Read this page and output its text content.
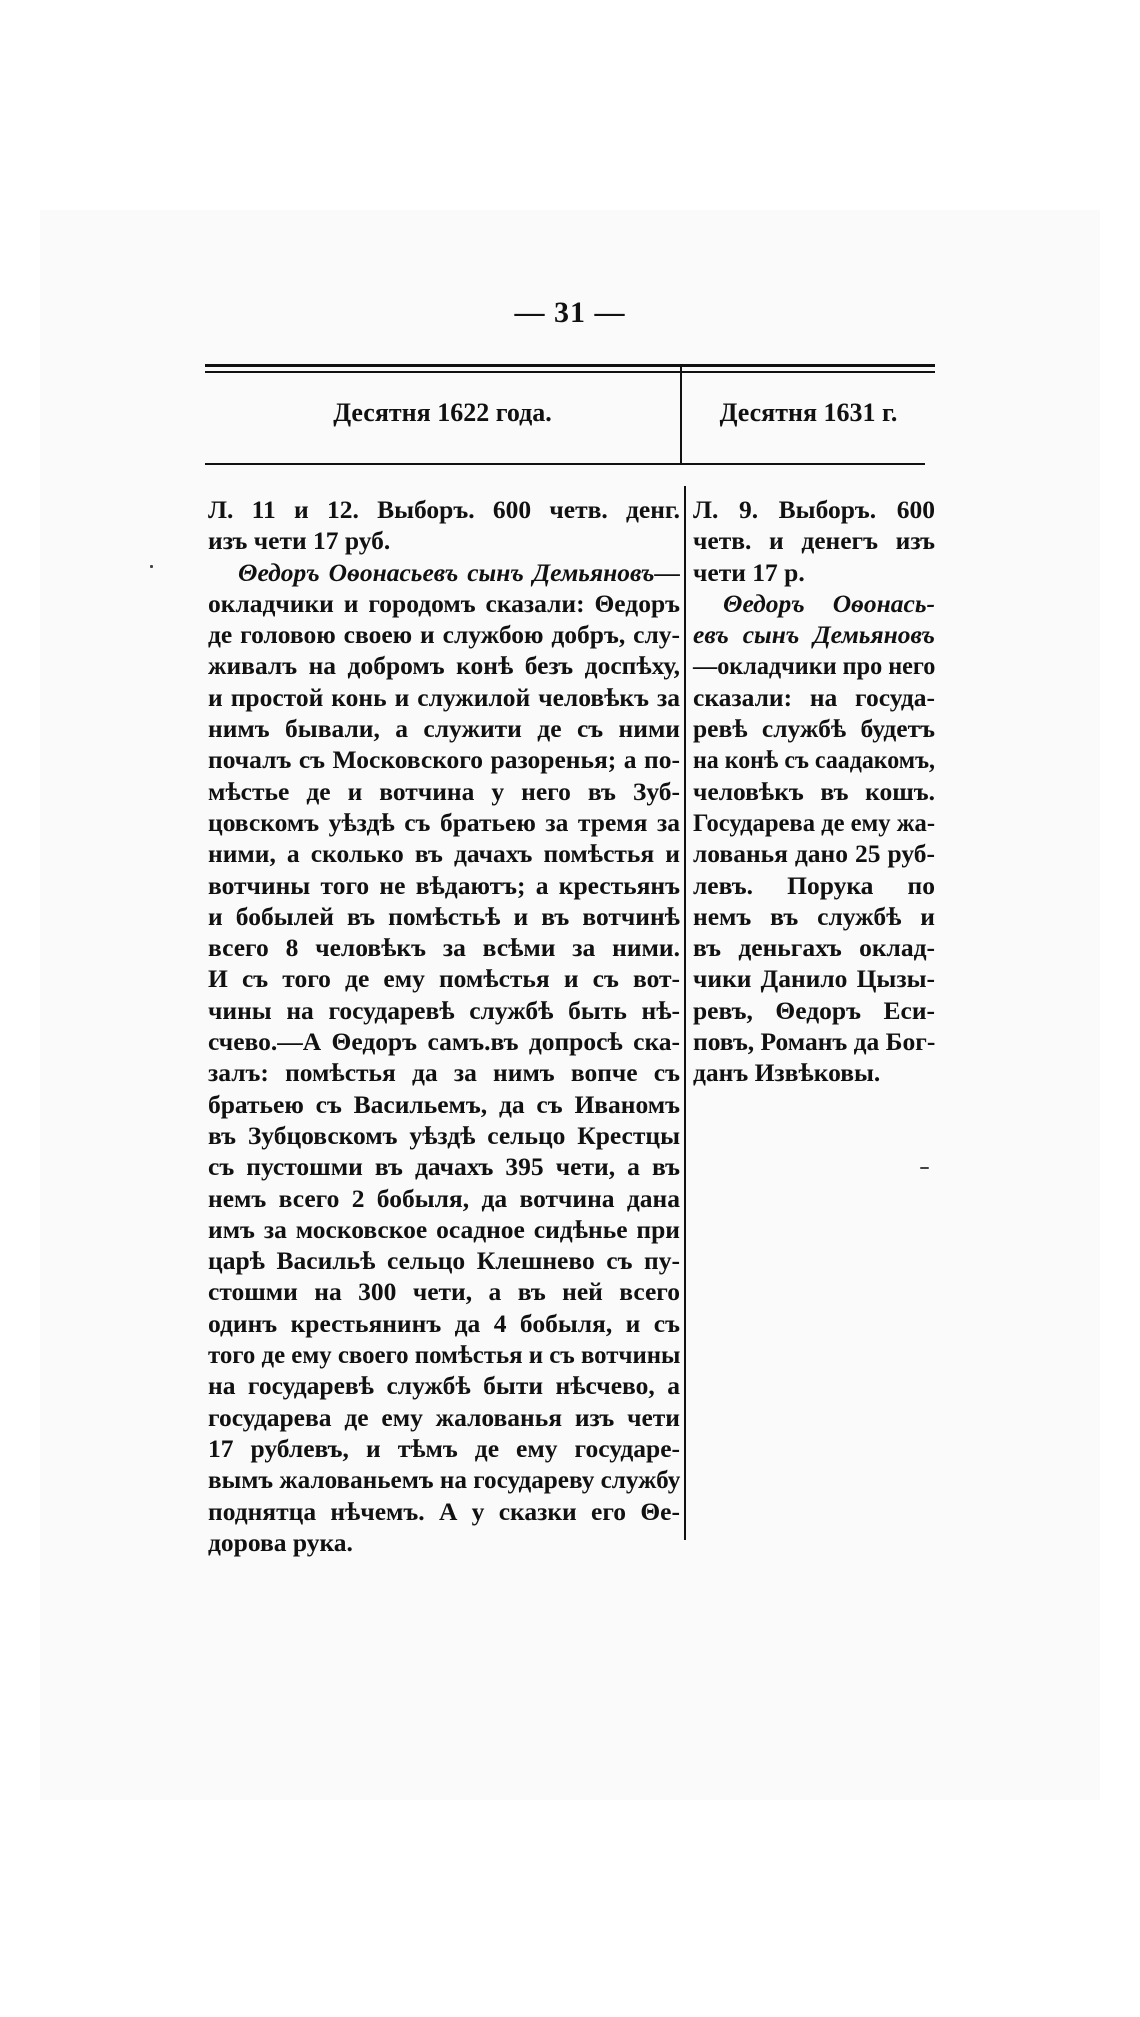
— 31 —
Десятня 1622 года.	Десятня 1631 г.
Л. 11 и 12. Выборъ. 600 четв. денг.
изъ чети 17 руб.
Θедоръ Оѳонасьевъ сынъ Демьяновъ—
окладчики и городомъ сказали: Θедоръ
де головою своею и службою добръ, слу-
живалъ на добромъ конѣ безъ доспѣху,
и простой конь и служилой человѣкъ за
нимъ бывали, а служити де съ ними
почалъ съ Московского разоренья; а по-
мѣстье де и вотчина у него въ Зуб-
цовскомъ уѣздѣ съ братьею за тремя за
ними, а сколько въ дачахъ помѣстья и
вотчины того не вѣдаютъ; а крестьянъ
и бобылей въ помѣстьѣ и въ вотчинѣ
всего 8 человѣкъ за всѣми за ними.
И съ того де ему помѣстья и съ вот-
чины на государевѣ службѣ быть нѣ-
счево.—А Θедоръ самъ.въ допросѣ ска-
залъ: помѣстья да за нимъ вопче съ
братьею съ Васильемъ, да съ Иваномъ
въ Зубцовскомъ уѣздѣ сельцо Крестцы
съ пустошми въ дачахъ 395 чети, а въ
немъ всего 2 бобыля, да вотчина дана
имъ за московское осадное сидѣнье при
царѣ Васильѣ сельцо Клешнево съ пу-
стошми на 300 чети, а въ ней всего
одинъ крестьянинъ да 4 бобыля, и съ
того де ему своего помѣстья и съ вотчины
на государевѣ службѣ быти нѣсчево, а
государева де ему жалованья изъ чети
17 рублевъ, и тѣмъ де ему государе-
вымъ жалованьемъ на государеву службу
поднятца нѣчемъ. А у сказки его Θе-
дорова рука.
Л. 9. Выборъ. 600
четв. и денегъ изъ
чети 17 р.
Θедоръ Оѳонась-
евъ сынъ Демьяновъ
—окладчики про него
сказали: на госуда-
ревѣ службѣ будетъ
на конѣ съ саадакомъ,
человѣкъ въ кошъ.
Государева де ему жа-
лованья дано 25 руб-
левъ. Порука по
немъ въ службѣ и
въ деньгахъ оклад-
чики Данило Цызы-
ревъ, Θедоръ Еси-
повъ, Романъ да Бог-
данъ Извѣковы.
